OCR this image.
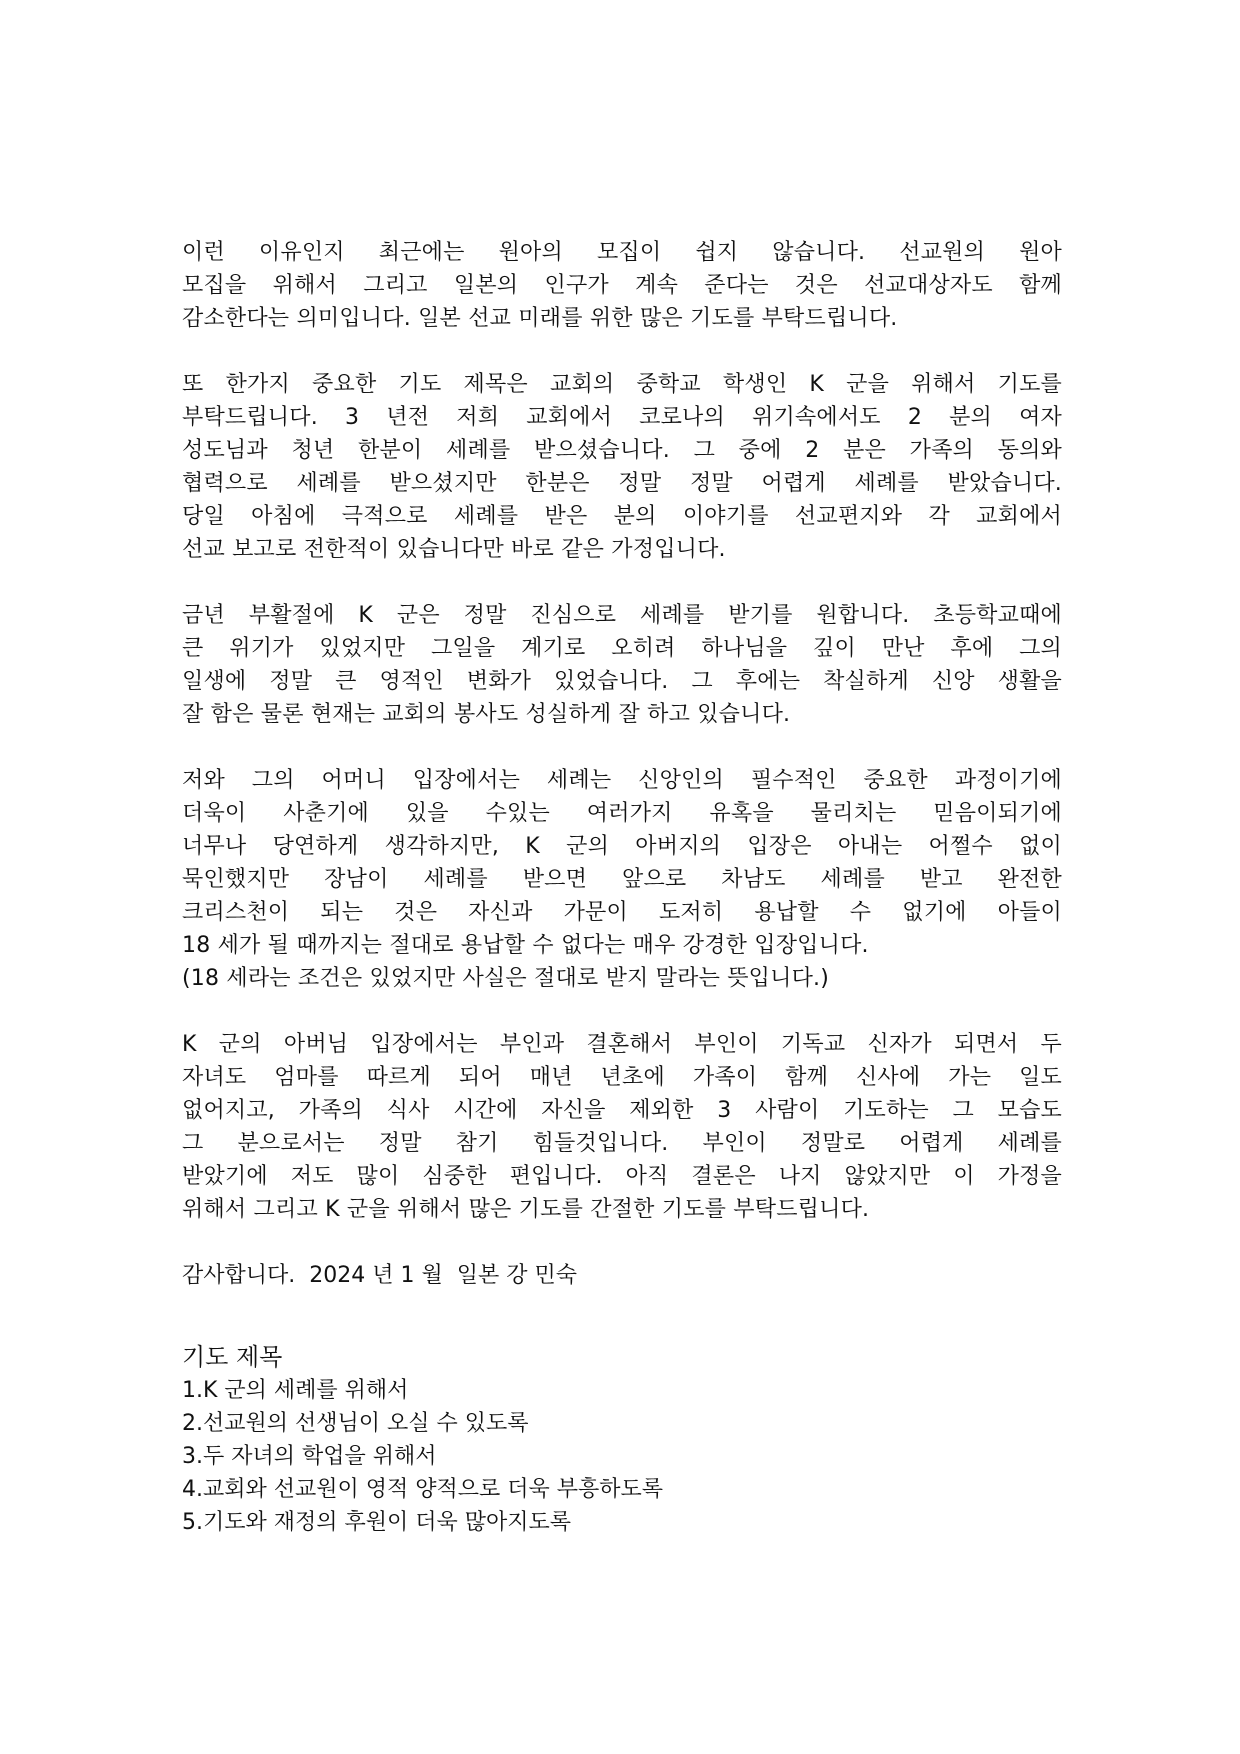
이런 이유인지 최근에는 원아의 모집이 쉽지 않습니다. 선교원의 원아
모집을 위해서 그리고 일본의 인구가 계속 준다는 것은 선교대상자도 함께
감소한다는 의미입니다. 일본 선교 미래를 위한 많은 기도를 부탁드립니다.
또 한가지 중요한 기도 제목은 교회의 중학교 학생인 K 군을 위해서 기도를
부탁드립니다. 3 년전 저희 교회에서 코로나의 위기속에서도 2 분의 여자
성도님과 청년 한분이 세례를 받으셨습니다. 그 중에 2 분은 가족의 동의와
협력으로 세례를 받으셨지만 한분은 정말 정말 어렵게 세례를 받았습니다.
당일 아침에 극적으로 세례를 받은 분의 이야기를 선교편지와 각 교회에서
선교 보고로 전한적이 있습니다만 바로 같은 가정입니다.
금년 부활절에 K 군은 정말 진심으로 세례를 받기를 원합니다. 초등학교때에
큰 위기가 있었지만 그일을 계기로 오히려 하나님을 깊이 만난 후에 그의
일생에 정말 큰 영적인 변화가 있었습니다. 그 후에는 착실하게 신앙 생활을
잘 함은 물론 현재는 교회의 봉사도 성실하게 잘 하고 있습니다.
저와 그의 어머니 입장에서는 세례는 신앙인의 필수적인 중요한 과정이기에
더욱이 사춘기에 있을 수있는 여러가지 유혹을 물리치는 믿음이되기에
너무나 당연하게 생각하지만, K 군의 아버지의 입장은 아내는 어쩔수 없이
묵인했지만 장남이 세례를 받으면 앞으로 차남도 세례를 받고 완전한
크리스천이 되는 것은 자신과 가문이 도저히 용납할 수 없기에 아들이
18 세가 될 때까지는 절대로 용납할 수 없다는 매우 강경한 입장입니다.
(18 세라는 조건은 있었지만 사실은 절대로 받지 말라는 뜻입니다.)
K 군의 아버님 입장에서는 부인과 결혼해서 부인이 기독교 신자가 되면서 두
자녀도 엄마를 따르게 되어 매년 년초에 가족이 함께 신사에 가는 일도
없어지고, 가족의 식사 시간에 자신을 제외한 3 사람이 기도하는 그 모습도
그 분으로서는 정말 참기 힘들것입니다. 부인이 정말로 어렵게 세례를
받았기에 저도 많이 심중한 편입니다. 아직 결론은 나지 않았지만 이 가정을
위해서 그리고 K 군을 위해서 많은 기도를 간절한 기도를 부탁드립니다.
감사합니다.  2024 년 1 월  일본 강 민숙
기도 제목
1.K 군의 세례를 위해서
2.선교원의 선생님이 오실 수 있도록
3.두 자녀의 학업을 위해서
4.교회와 선교원이 영적 양적으로 더욱 부흥하도록
5.기도와 재정의 후원이 더욱 많아지도록
